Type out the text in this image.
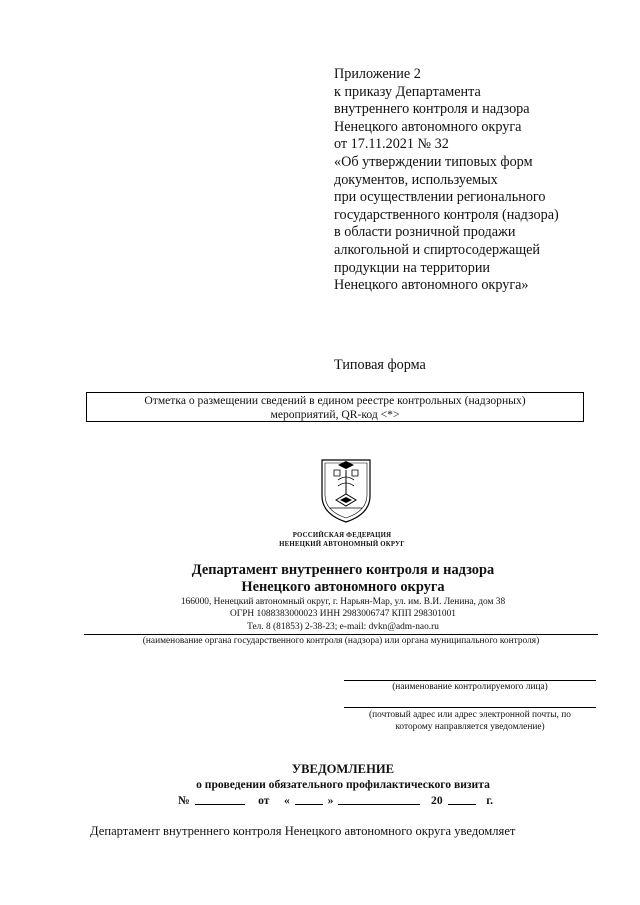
Приложение 2
к приказу Департамента
внутреннего контроля и надзора
Ненецкого автономного округа
от 17.11.2021 № 32
«Об утверждении типовых форм
документов, используемых
при осуществлении регионального
государственного контроля (надзора)
в области розничной продажи
алкогольной и спиртосодержащей
продукции на территории
Ненецкого автономного округа»
Типовая форма
Отметка о размещении сведений в едином реестре контрольных (надзорных)
мероприятий, QR-код <*>
РОССИЙСКАЯ ФЕДЕРАЦИЯ
НЕНЕЦКИЙ АВТОНОМНЫЙ ОКРУГ
Департамент внутреннего контроля и надзора
Ненецкого автономного округа
166000, Ненецкий автономный округ, г. Нарьян-Мар, ул. им. В.И. Ленина, дом 38
ОГРН 1088383000023 ИНН 2983006747 КПП 298301001
Тел. 8 (81853) 2-38-23; e-mail: dvkn@adm-nao.ru
(наименование органа государственного контроля (надзора) или органа муниципального контроля)
(наименование контролируемого лица)
(почтовый адрес или адрес электронной почты, по
которому направляется уведомление)
УВЕДОМЛЕНИЕ
о проведении обязательного профилактического визита
№	от «	»	20	г.
Департамент внутреннего контроля Ненецкого автономного округа уведомляет
